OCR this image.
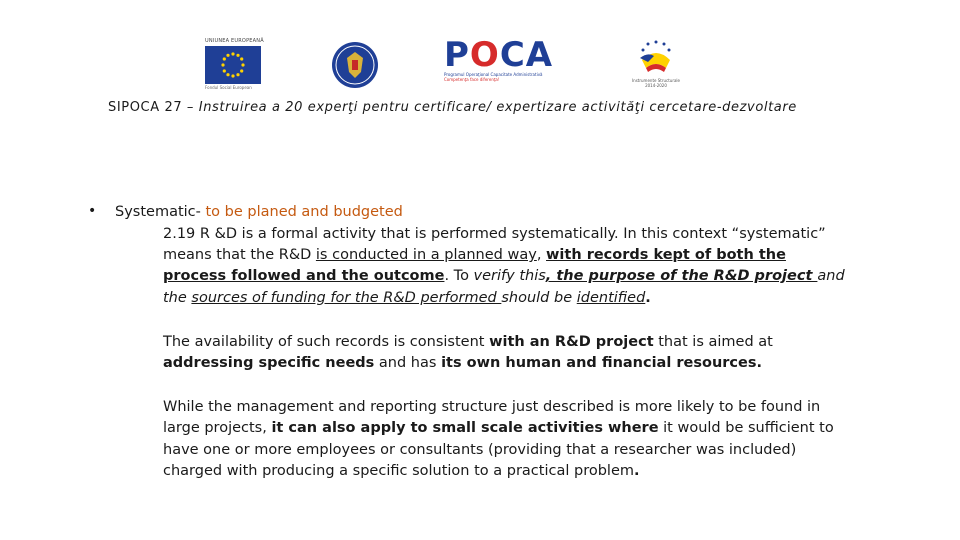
UNIUNEA EUROPEANĂ
Fondul Social European
POCA
Programul Operaţional Capacitate Administrativă
Competenţa face diferenţa!	Instrumente Structurale
2014-2020
SIPOCA 27 – Instruirea a 20 experţi pentru certificare/ expertizare activităţi cercetare-dezvoltare
• Systematic- to be planed and budgeted
2.19 R &D is a formal activity that is performed systematically. In this context “systematic”
means that the R&D is conducted in a planned way, with records kept of both the
process followed and the outcome. To verify this, the purpose of the R&D project and
the sources of funding for the R&D performed should be identified.
The availability of such records is consistent with an R&D project that is aimed at
addressing specific needs and has its own human and financial resources.
While the management and reporting structure just described is more likely to be found in
large projects, it can also apply to small scale activities where it would be sufficient to
have one or more employees or consultants (providing that a researcher was included)
charged with producing a specific solution to a practical problem.
